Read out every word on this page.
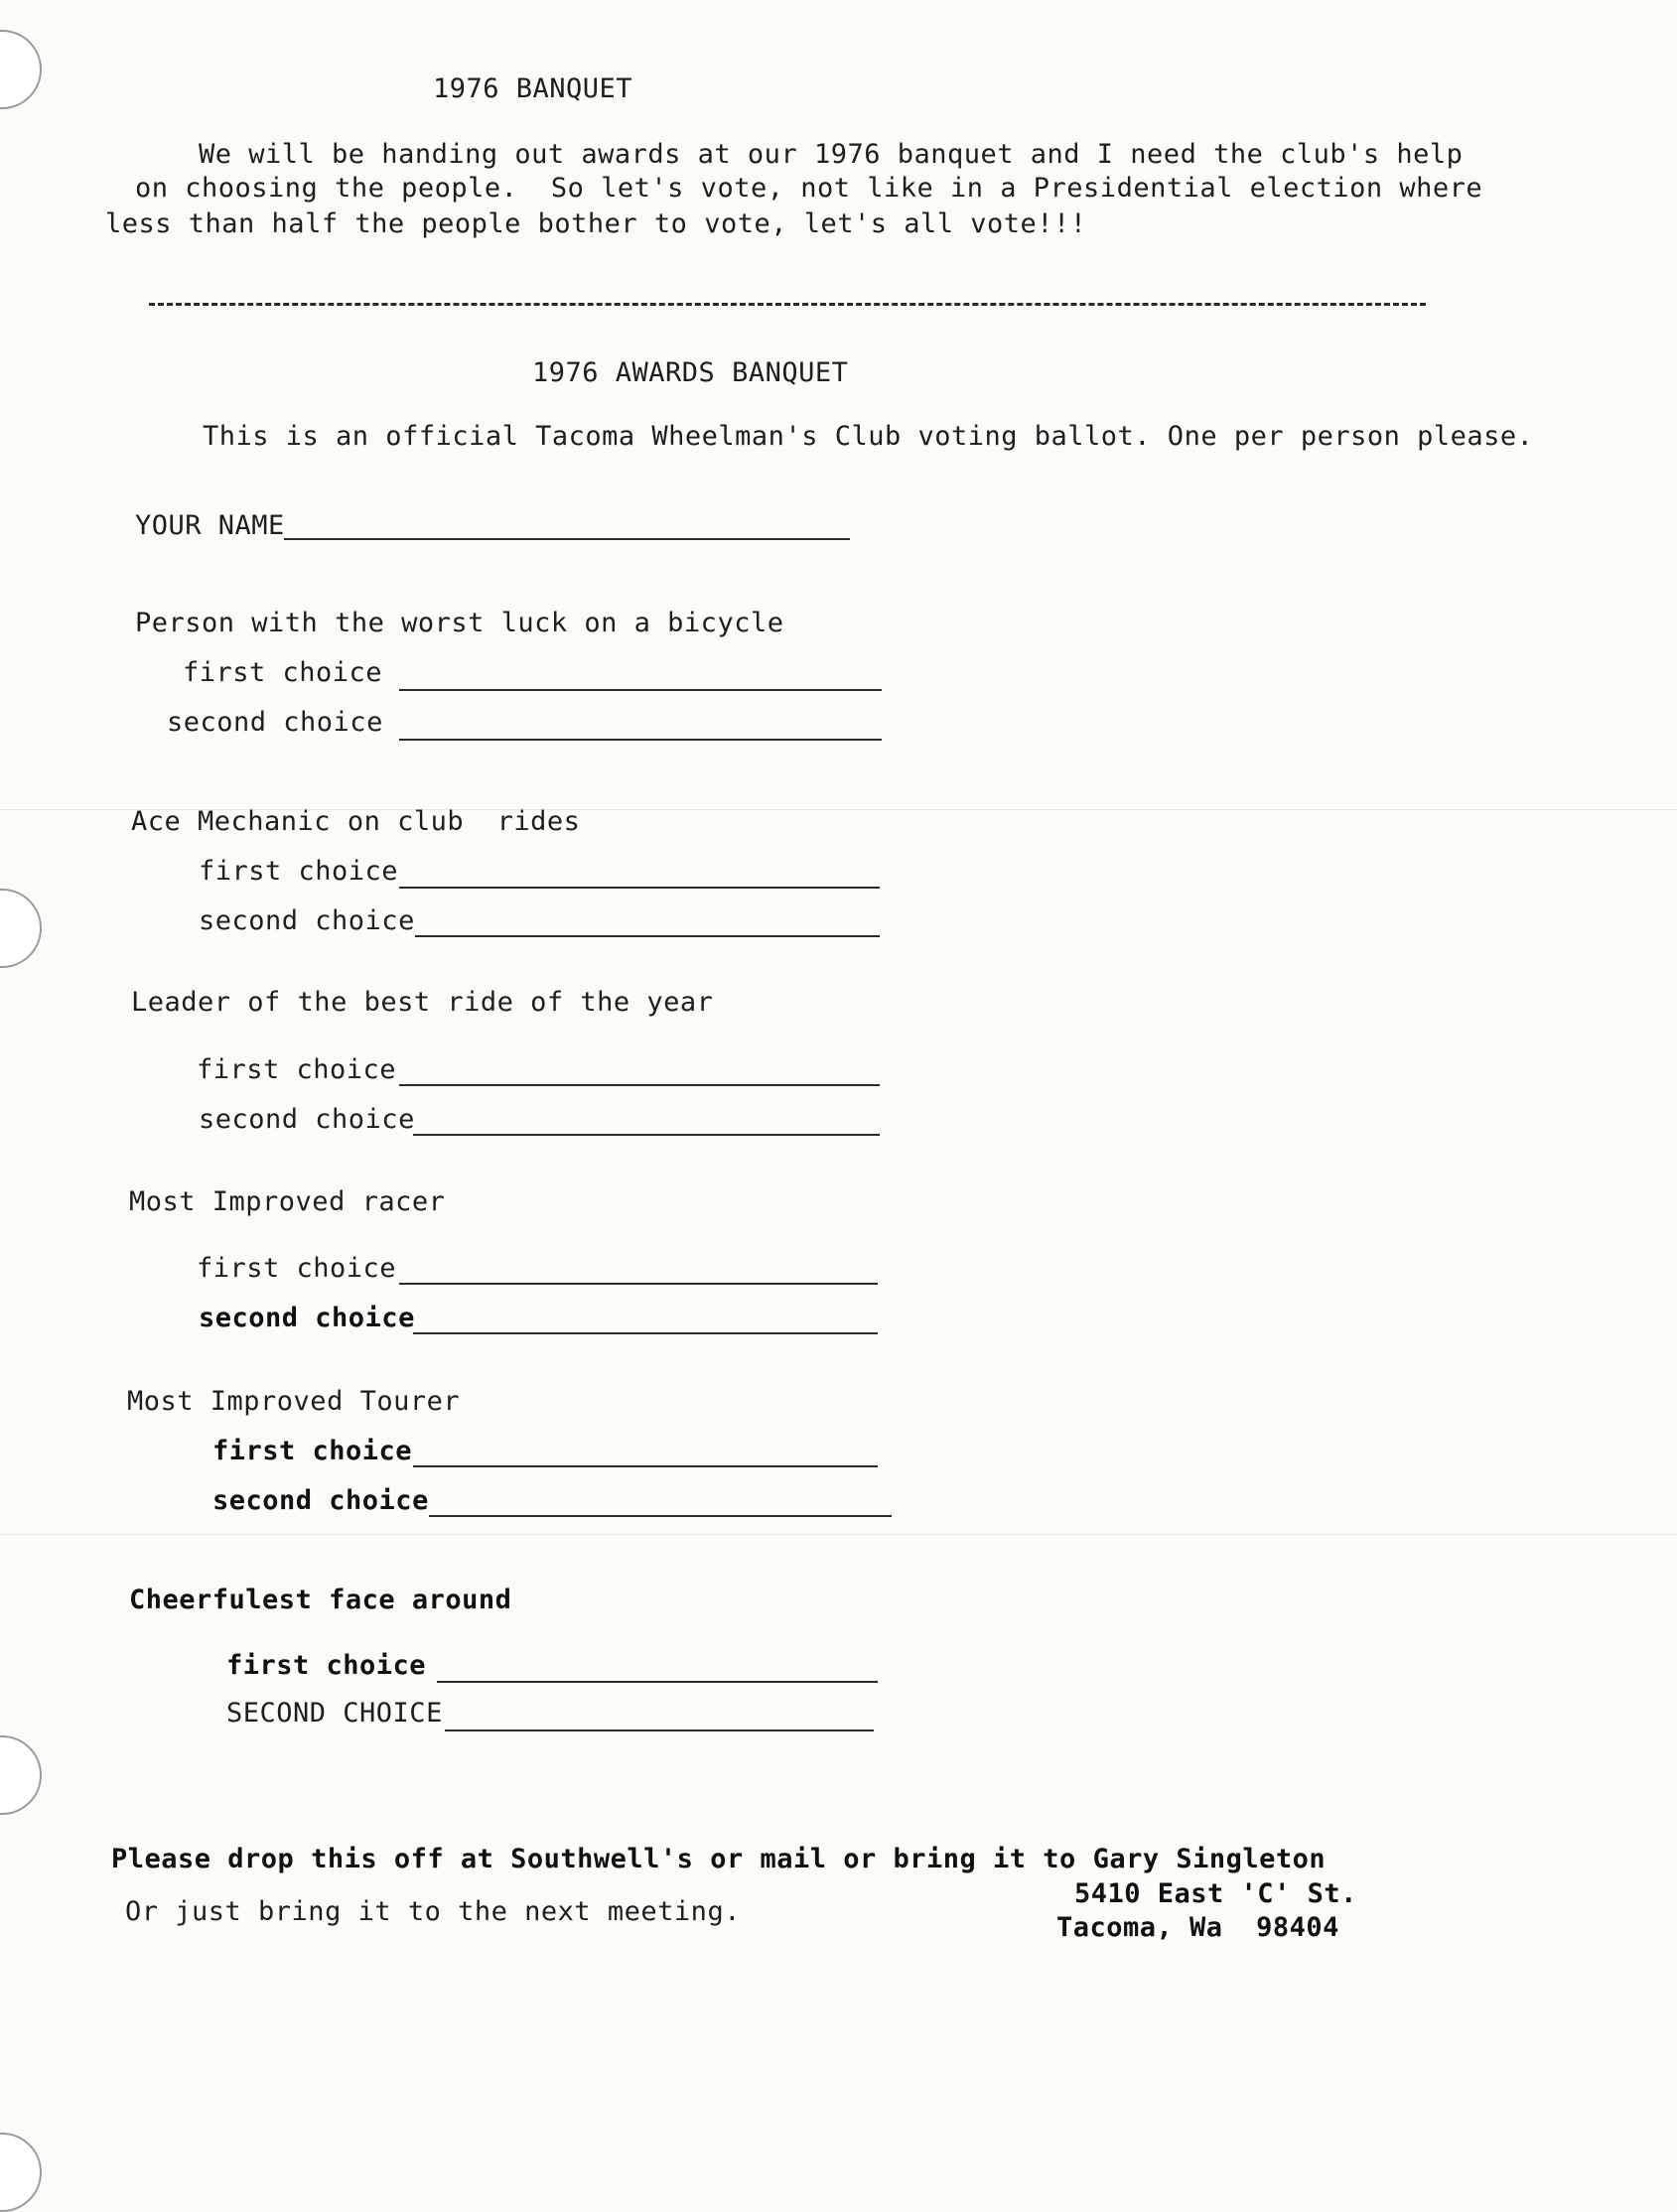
1976 BANQUET
We will be handing out awards at our 1976 banquet and I need the club's help
on choosing the people.  So let's vote, not like in a Presidential election where
less than half the people bother to vote, let's all vote!!!
1976 AWARDS BANQUET
This is an official Tacoma Wheelman's Club voting ballot. One per person please.
YOUR NAME
Person with the worst luck on a bicycle
first choice
second choice
Ace Mechanic on club  rides
first choice
second choice
Leader of the best ride of the year
first choice
second choice
Most Improved racer
first choice
second choice
Most Improved Tourer
first choice
second choice
Cheerfulest face around
first choice
SECOND CHOICE
Please drop this off at Southwell's or mail or bring it to Gary Singleton
Or just bring it to the next meeting.
5410 East 'C' St.
Tacoma, Wa  98404
